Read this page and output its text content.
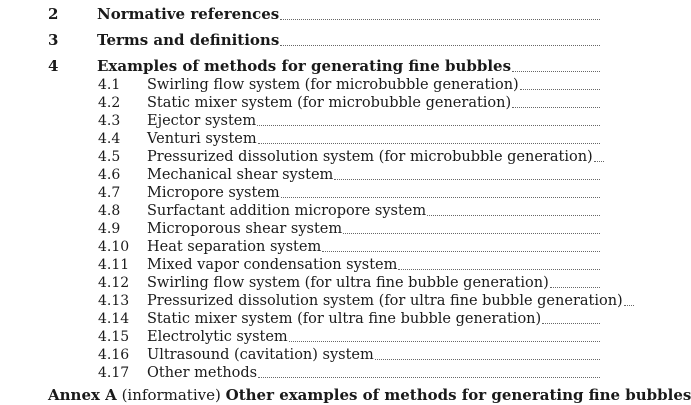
2	Normative references
3	Terms and definitions
4	Examples of methods for generating fine bubbles
4.1 Swirling flow system (for microbubble generation)
4.2 Static mixer system (for microbubble generation)
4.3 Ejector system
4.4 Venturi system
4.5 Pressurized dissolution system (for microbubble generation)
4.6 Mechanical shear system
4.7 Micropore system
4.8 Surfactant addition micropore system
4.9 Microporous shear system
4.10 Heat separation system
4.11 Mixed vapor condensation system
4.12 Swirling flow system (for ultra fine bubble generation)
4.13 Pressurized dissolution system (for ultra fine bubble generation)
4.14 Static mixer system (for ultra fine bubble generation)
4.15 Electrolytic system
4.16 Ultrasound (cavitation) system
4.17 Other methods
Annex A (informative) Other examples of methods for generating fine bubbles
